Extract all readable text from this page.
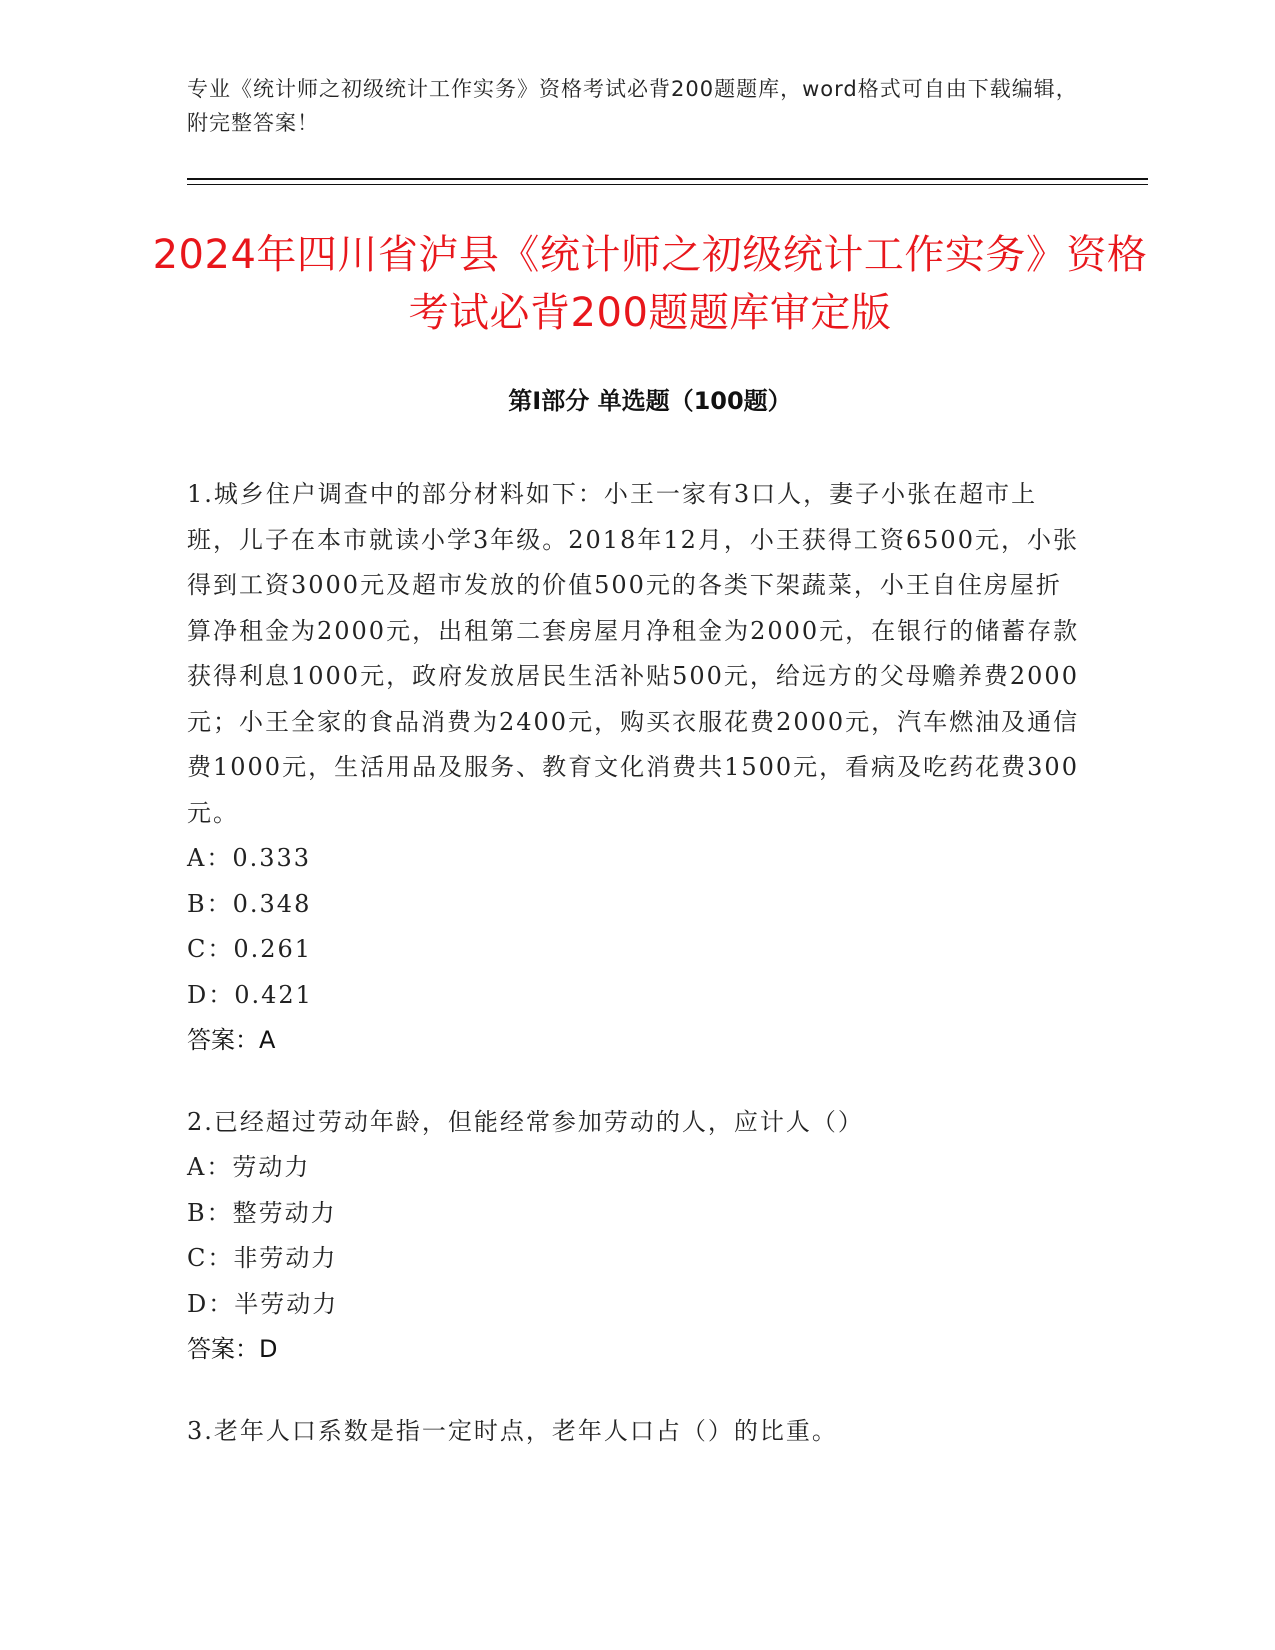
专业《统计师之初级统计工作实务》资格考试必背200题题库，word格式可自由下载编辑，附完整答案！
2024年四川省泸县《统计师之初级统计工作实务》资格考试必背200题题库审定版
第I部分 单选题（100题）

1.城乡住户调查中的部分材料如下：小王一家有3口人，妻子小张在超市上班，儿子在本市就读小学3年级。2018年12月，小王获得工资6500元，小张得到工资3000元及超市发放的价值500元的各类下架蔬菜，小王自住房屋折算净租金为2000元，出租第二套房屋月净租金为2000元，在银行的储蓄存款获得利息1000元，政府发放居民生活补贴500元，给远方的父母赡养费2000元；小王全家的食品消费为2400元，购买衣服花费2000元，汽车燃油及通信费1000元，生活用品及服务、教育文化消费共1500元，看病及吃药花费300元。

A：0.333

B：0.348

C：0.261

D：0.421

答案：A

2.已经超过劳动年龄，但能经常参加劳动的人，应计人（）

A：劳动力

B：整劳动力

C：非劳动力

D：半劳动力

答案：D

3.老年人口系数是指一定时点，老年人口占（）的比重。
